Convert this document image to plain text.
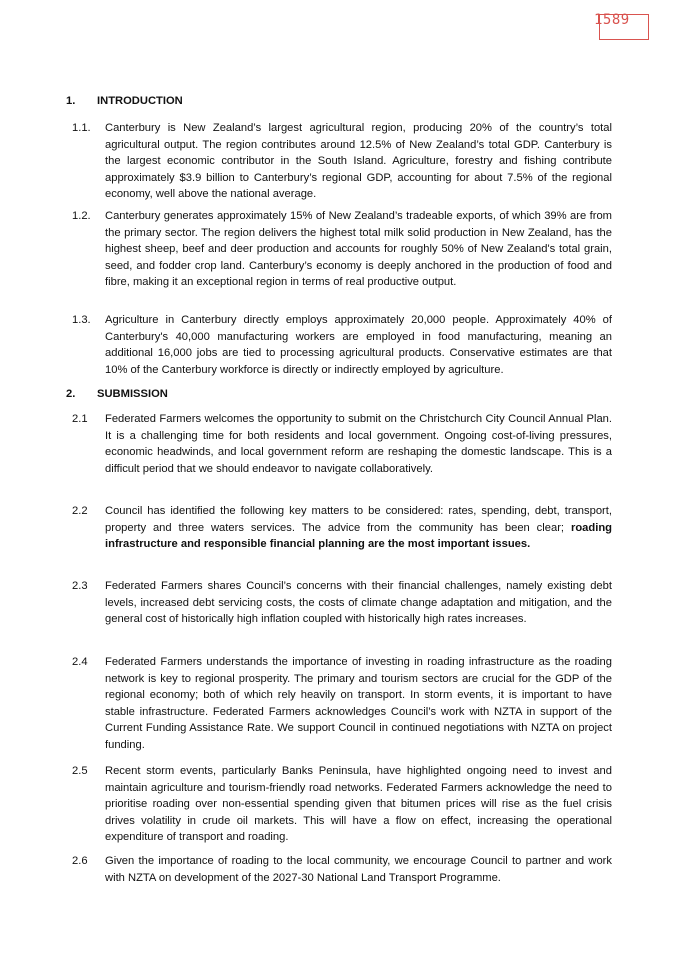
1589
1. INTRODUCTION
1.1. Canterbury is New Zealand’s largest agricultural region, producing 20% of the country’s total agricultural output. The region contributes around 12.5% of New Zealand’s total GDP. Canterbury is the largest economic contributor in the South Island. Agriculture, forestry and fishing contribute approximately $3.9 billion to Canterbury’s regional GDP, accounting for about 7.5% of the regional economy, well above the national average.
1.2. Canterbury generates approximately 15% of New Zealand’s tradeable exports, of which 39% are from the primary sector. The region delivers the highest total milk solid production in New Zealand, has the highest sheep, beef and deer production and accounts for roughly 50% of New Zealand's total grain, seed, and fodder crop land. Canterbury’s economy is deeply anchored in the production of food and fibre, making it an exceptional region in terms of real productive output.
1.3. Agriculture in Canterbury directly employs approximately 20,000 people. Approximately 40% of Canterbury's 40,000 manufacturing workers are employed in food manufacturing, meaning an additional 16,000 jobs are tied to processing agricultural products. Conservative estimates are that 10% of the Canterbury workforce is directly or indirectly employed by agriculture.
2. SUBMISSION
2.1 Federated Farmers welcomes the opportunity to submit on the Christchurch City Council Annual Plan. It is a challenging time for both residents and local government. Ongoing cost-of-living pressures, economic headwinds, and local government reform are reshaping the domestic landscape. This is a difficult period that we should endeavor to navigate collaboratively.
2.2 Council has identified the following key matters to be considered: rates, spending, debt, transport, property and three waters services. The advice from the community has been clear; roading infrastructure and responsible financial planning are the most important issues.
2.3 Federated Farmers shares Council’s concerns with their financial challenges, namely existing debt levels, increased debt servicing costs, the costs of climate change adaptation and mitigation, and the general cost of historically high inflation coupled with historically high rates increases.
2.4 Federated Farmers understands the importance of investing in roading infrastructure as the roading network is key to regional prosperity. The primary and tourism sectors are crucial for the GDP of the regional economy; both of which rely heavily on transport. In storm events, it is important to have stable infrastructure. Federated Farmers acknowledges Council’s work with NZTA in support of the Current Funding Assistance Rate. We support Council in continued negotiations with NZTA on project funding.
2.5 Recent storm events, particularly Banks Peninsula, have highlighted ongoing need to invest and maintain agriculture and tourism-friendly road networks. Federated Farmers acknowledge the need to prioritise roading over non-essential spending given that bitumen prices will rise as the fuel crisis drives volatility in crude oil markets. This will have a flow on effect, increasing the operational expenditure of transport and roading.
2.6 Given the importance of roading to the local community, we encourage Council to partner and work with NZTA on development of the 2027-30 National Land Transport Programme.
